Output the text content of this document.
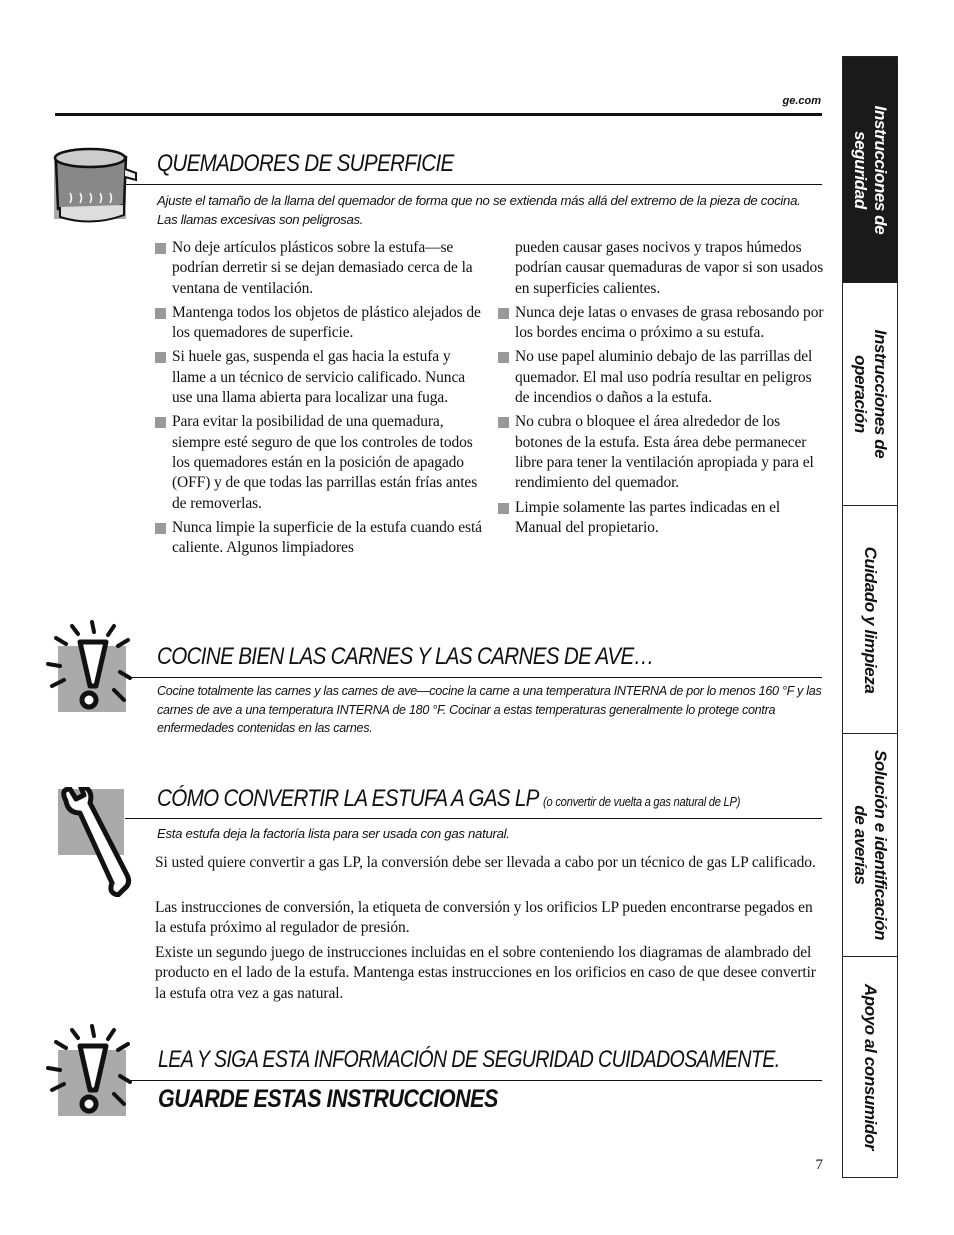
ge.com
QUEMADORES DE SUPERFICIE
Ajuste el tamaño de la llama del quemador de forma que no se extienda más allá del extremo de la pieza de cocina. Las llamas excesivas son peligrosas.
No deje artículos plásticos sobre la estufa—se podrían derretir si se dejan demasiado cerca de la ventana de ventilación.
Mantenga todos los objetos de plástico alejados de los quemadores de superficie.
Si huele gas, suspenda el gas hacia la estufa y llame a un técnico de servicio calificado. Nunca use una llama abierta para localizar una fuga.
Para evitar la posibilidad de una quemadura, siempre esté seguro de que los controles de todos los quemadores están en la posición de apagado (OFF) y de que todas las parrillas están frías antes de removerlas.
Nunca limpie la superficie de la estufa cuando está caliente. Algunos limpiadores
pueden causar gases nocivos y trapos húmedos podrían causar quemaduras de vapor si son usados en superficies calientes.
Nunca deje latas o envases de grasa rebosando por los bordes encima o próximo a su estufa.
No use papel aluminio debajo de las parrillas del quemador. El mal uso podría resultar en peligros de incendios o daños a la estufa.
No cubra o bloquee el área alrededor de los botones de la estufa. Esta área debe permanecer libre para tener la ventilación apropiada y para el rendimiento del quemador.
Limpie solamente las partes indicadas en el Manual del propietario.
COCINE BIEN LAS CARNES Y LAS CARNES DE AVE…
Cocine totalmente las carnes y las carnes de ave—cocine la carne a una temperatura INTERNA de por lo menos 160 °F y las carnes de ave a una temperatura INTERNA de 180 °F. Cocinar a estas temperaturas generalmente lo protege contra enfermedades contenidas en las carnes.
CÓMO CONVERTIR LA ESTUFA A GAS LP (o convertir de vuelta a gas natural de LP)
Esta estufa deja la factoría lista para ser usada con gas natural.
Si usted quiere convertir a gas LP, la conversión debe ser llevada a cabo por un técnico de gas LP calificado.
Las instrucciones de conversión, la etiqueta de conversión y los orificios LP pueden encontrarse pegados en la estufa próximo al regulador de presión.
Existe un segundo juego de instrucciones incluidas en el sobre conteniendo los diagramas de alambrado del producto en el lado de la estufa. Mantenga estas instrucciones en los orificios en caso de que desee convertir la estufa otra vez a gas natural.
LEA Y SIGA ESTA INFORMACIÓN DE SEGURIDAD CUIDADOSAMENTE.
GUARDE ESTAS INSTRUCCIONES
7
Instrucciones de
seguridad
Instrucciones de
operación
Cuidado y limpieza
Solución e identificación
de averías
Apoyo al consumidor
